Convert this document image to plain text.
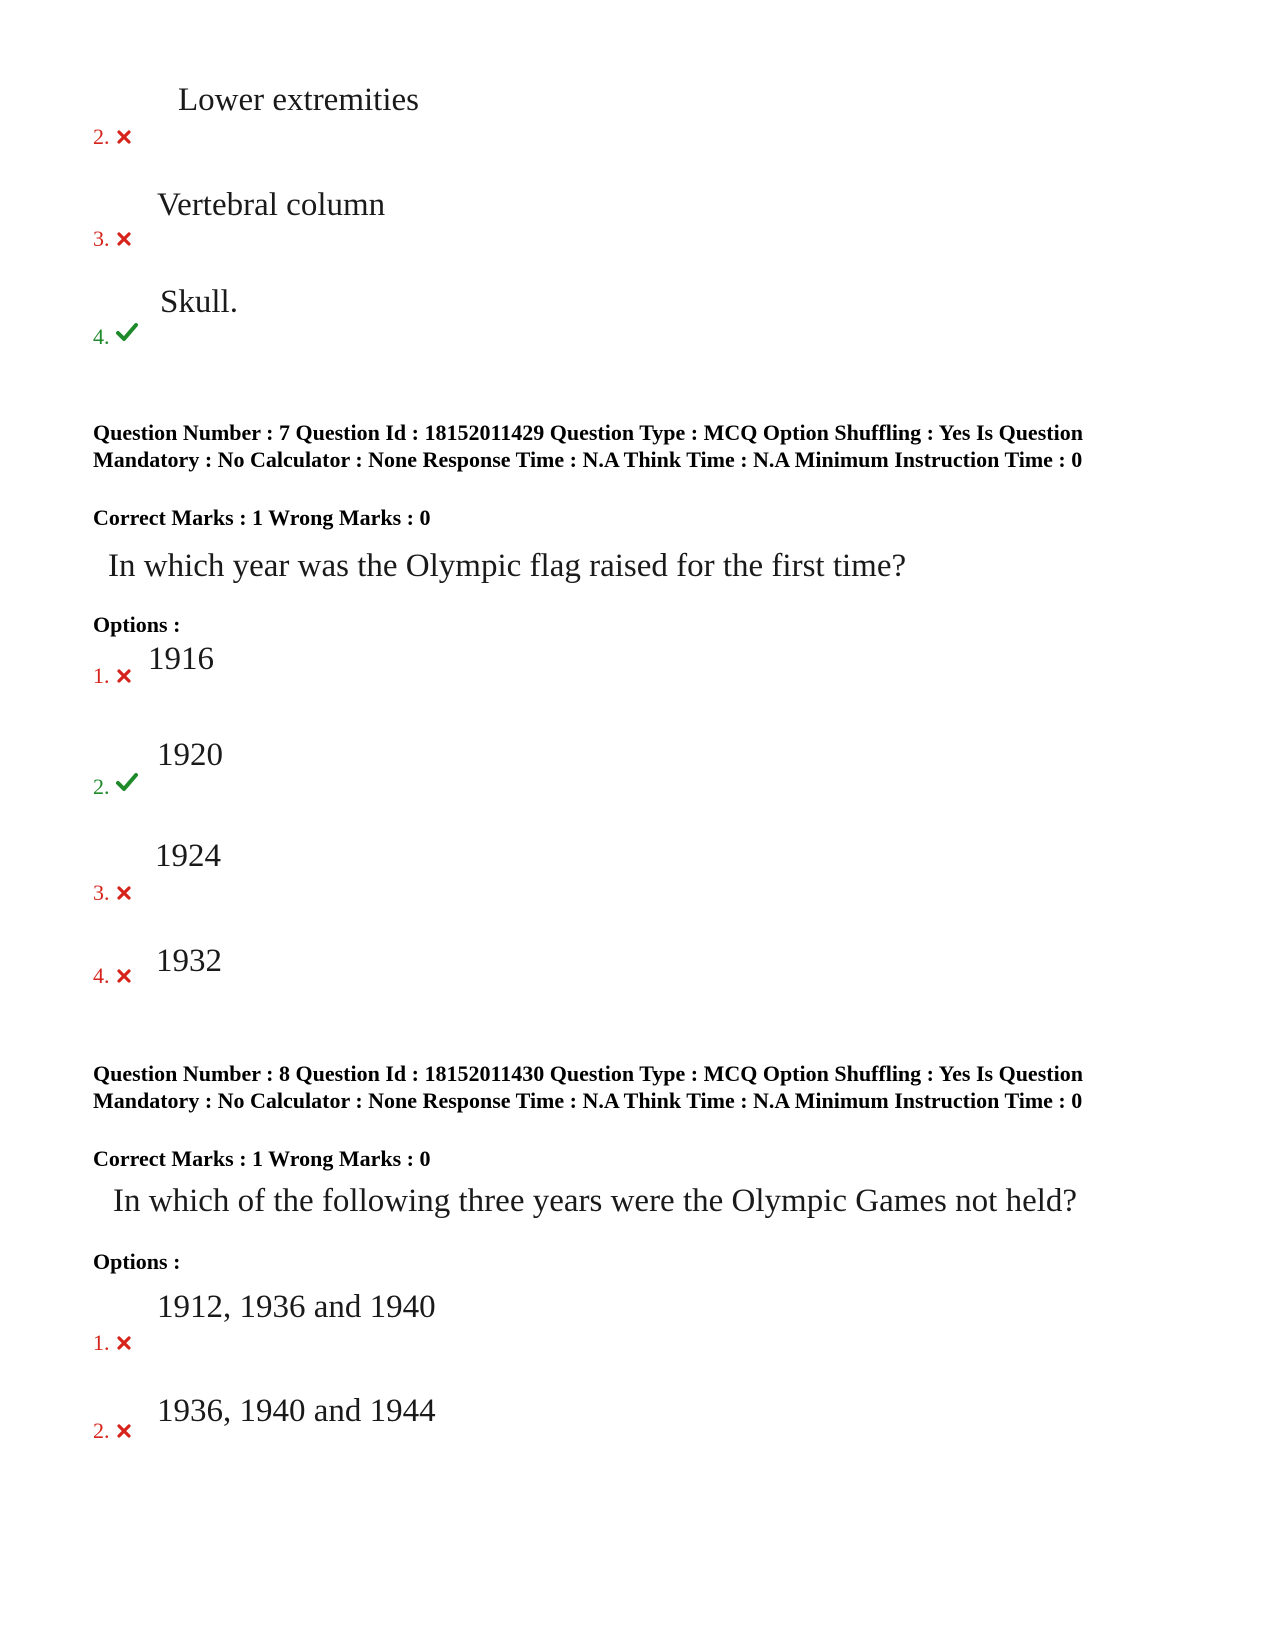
Lower extremities
2.
Vertebral column
3.
Skull.
4.
Question Number : 7 Question Id : 18152011429 Question Type : MCQ Option Shuffling : Yes Is Question Mandatory : No Calculator : None Response Time : N.A Think Time : N.A Minimum Instruction Time : 0
Correct Marks : 1 Wrong Marks : 0
In which year was the Olympic flag raised for the first time?
Options :
1.	1916
1920
2.
1924
3.
1932
4.
Question Number : 8 Question Id : 18152011430 Question Type : MCQ Option Shuffling : Yes Is Question Mandatory : No Calculator : None Response Time : N.A Think Time : N.A Minimum Instruction Time : 0
Correct Marks : 1 Wrong Marks : 0
In which of the following three years were the Olympic Games not held?
Options :
1912, 1936 and 1940
1.
1936, 1940 and 1944
2.
